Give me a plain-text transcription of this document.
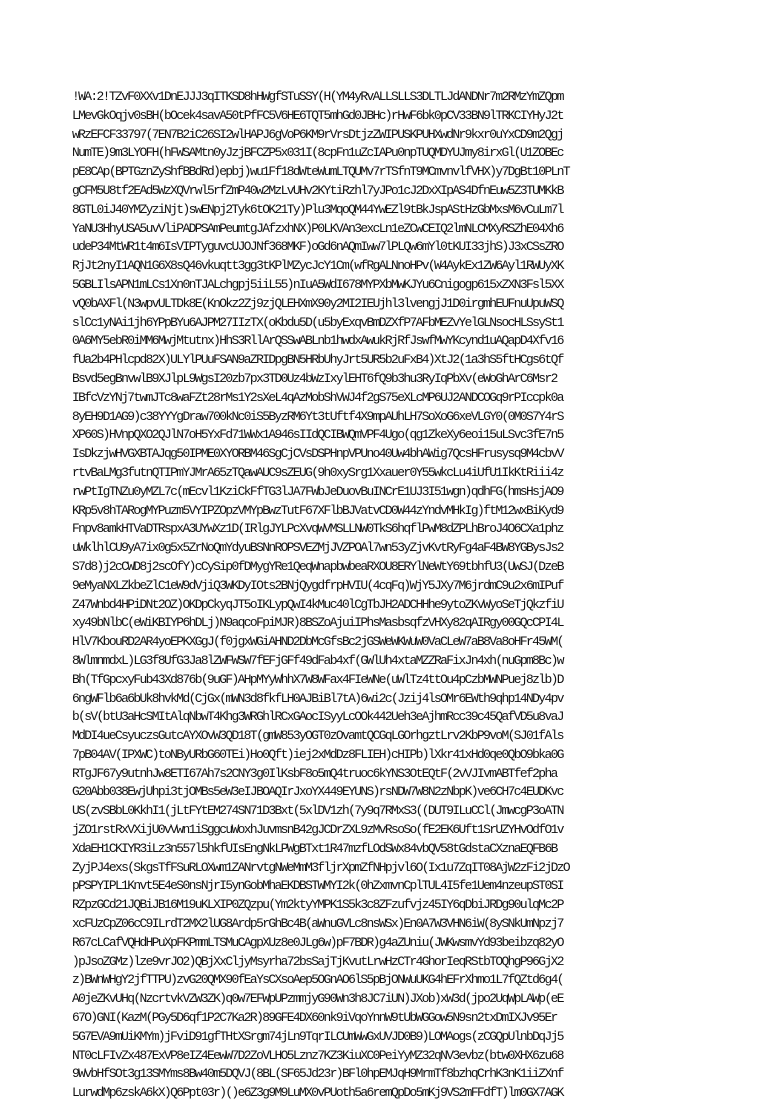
!WA:2!TZvF0XXv1DnEJJJ3qITKSD8hHWgfSTuSSY(H(YM4yRvALLSLLS3DLTLJdANDNr7m2RMzYmZQpm
LMevGkOqjv0sBH(bOcek4savA50tPfFC5V6HE6TQT5mhGd0JBHc)rHwF6bk0pCV33BN9lTRKCIYHyJ2t
wRzEFCF33797(7EN7B2iC26SI2wlHAPJ6gVoP6KM9rVrsDtjzZWIPUSKPUHXwdNr9kxr0uYxCD9m2Qgj
NumTE)9m3LYOFH(hFWSAMtn0yJzjBFCZP5x031I(8cpFn1uZcIAPu0npTUQMDYUJmy8irxGl(U1ZOBEc
pE8CAp(BPTGznZyShfBBdRd)epbj)wu1Ff18dWteWumLTQUMv7rTSfnT9MCmvnvlfVHX)y7DgBt10PLnT
gCFM5U8tf2EAd5WzXQVrwl5rfZmP40w2MzLvUHv2KYtiRzhl7yJPo1cJ2DxXIpAS4DfnEuw5Z3TUMKkB
8GTL0iJ40YMZyziNjt)swENpj2Tyk6tOK21Ty)Plu3MqoQM44YwEZl9tBkJspAStHzGbMxsM6vCuLm7l
YaNU3HhyUSA5uvVliPADPSAmPeumtgJAfzxhNX)P0LKVAn3excLn1eZCwCEIQ2lmNLCMXyRSZhE04Xh6
udeP34MtWR1t4m6IsVIPTyguvcUJOJNf368MKF)oGd6nAQmIww7lPLQw6mYl0tKUI33jhS)J3xCSsZRO
RjJt2nyI1AQN1G6X8sQ46vkuqtt3gg3tKPlMZycJcY1Cm(wfRgALNnoHPv(W4AykEx1ZW6Ayl1RWUyXK
5GBLIlsAPN1mLCs1Xn0nTJALchgpj5iiL55)nIuA5WdI678MYPXbMwKJYu6Cnigogp615xZXN3Fsl5XX
vQ0bAXFl(N3wpvULTDk8E(KnOkz2Zj9zjQLEHXmX90y2MI2IEUjhl3lvengjJ1D0irgmhEUFnuUpuWSQ
slCc1yNAi1jh6YPpBYu6AJPM27IIzTX(oKbdu5D(u5byExqvBmDZXfP7AFbMEZvYelGLNsocHLSsySt1
0A6MY5ebR0iMM6MwjMtutnx)HhS3RllArQSSwABLnb1hwdxAwukRjRfJswfMwYKcynd1uAQapD4Xfv16
fUa2b4PHlcpd82X)ULYlPUuFSAN9aZRIDpgBN5HRbUhyJrt5UR5b2uFxB4)XtJ2(1a3hS5ftHCgs6tQf
Bsvd5egBnvwlB9XJlpL9WgsI20zb7px3TD0Uz4bWzIxylEHT6fQ9b3hu3RyIqPbXv(eWoGhArC6Msr2
IBfcVzYNj7twmJTc8waFZt28rMs1Y2sXeL4qAzMobShVWJ4f2gS75eXLcMP6UJ2ANDCOGq9rPIccpk0a
8yEH9D1AG9)c38YYYgDraw700kNc0iS5ByzRM6Yt3tUftf4X9mpAUhLH7SoXoG6xeVLGY0(0M0S7Y4rS
XP60S)HVnpQXO2QJlN7oH5YxFd71WWx1A946sIIdQCIBWQmVPF4Ugo(qg1ZkeXy6eoi15uLSvc3fE7n5
IsDkzjwHVGXBTAJqg50IPME0XYORBM46SgCjCVsDSPHnpVPUno40Uw4bhAWig7QcsHFrusysq9M4cbvV
rtvBaLMg3futnQTIPmYJMrA65zTQawAUC9sZEUG(9h0xySrg1Xxauer0Y55wkcLu4iUfU1IkKtRiii4z
rwPtIgTNZu0yMZL7c(mEcvl1KziCkFfTG3lJA7FWbJeDuovBuINCrE1UJ3I51wgn)qdhFG(hmsHsjAO9
KRp5v8hTARogMYPuzm5VYIPZOpzVMYpBwzTutF67XFlbBJVatvCD0W44zYndvMHkIg)ftM12wxBiKyd9
Fnpv8amkHTVaDTRspxA3UYwXz1D(IRlgJYLPcXvqWVMSLLNW0TkS6hqflPwM8dZPLhBroJ4O6CXa1phz
uWklhlCU9yA7ix0g5x5ZrNoQmYdyuBSNnROPSVEZMjJVZPOAl7wn53yZjvKvtRyFg4aF4BW8YGBysJs2
S7d8)j2cCWD8j2scOfY)cCySip0fDMygYRe1QeqWnapbwbeaRXOU8ERYlNeWtY69tbhfU3(UwSJ(DzeB
9eMyaNXLZkbeZlC1eW9dVjiQ3WKDyIOts2BNjQygdfrpHVIU(4cqFq)WjY5JXy7M6jrdmC9u2x6mIPuf
Z47Wnbd4HPiDNt2OZ)OKDpCkyqJT5oIKLypQwI4kMuc40lCgTbJH2ADCHHhe9ytoZKvWyoSeTjQkzfiU
xy49bNlbC(eWiKBIYP6hDLj)N9aqcoFpiMJR)8BSZoAjuiIPhsMasbsqfzVHXy82qAIRgy00GQcCPI4L
HlV7KbouRD2AR4yoEPKXGgJ(f0jgxWGiAHND2DbMcGfsBc2jGSWeWKWuW0VaCLeW7aB8Va8oHFr45WM(
8WlmnmdxL)LG3f8UfG3Ja8lZWFWSW7fEFjGFf49dFab4xf(GWlUh4xtaMZZRaFixJn4xh(nuGpm8Bc)w
Bh(TfGpcxyFub43Xd876b(9uGF)AHpMYyWhhX7W8WFax4FIeWNe(uWlTz4ttOu4pCzbMWNPuej8zlb)D
6ngWFlb6a6bUk8hvkMd(CjGx(mWN3d8fkfLH0AJBiBl7tA)6wi2c(Jzij4lsOMr6EWth9qhp14NDy4pv
b(sV(btU3aHcSMItAlqNbwT4Khg3WRGhlRCxGAocISyyLcOOk442Ueh3eAjhmRcc39c45QafVD5u8vaJ
MdDI4ueCsyuczsGutcAYXOvW3QD18T(gmW853yOGT0zOvamtQCGqLGOrhgztLrv2KbP9voM(SJ01fAls
7pB04AV(IPXWC)toNByURbG60TEi)Ho0Qft)iej2xMdDz8FLIEH)cHIPb)lXkr41xHd0qe0QbO9bka0G
RTgJF67y9utnhJw8ETI67Ah7s2CNY3g0IlKsbF8o5mQ4truoc6kYNS3OtEQtF(2vVJIvmABTfef2pha
G20Abb038EwjUhpi3tjOMBs5eW3eIJBOAQIrJxoYX449EYUNS)rsNDW7W8N2zNbpK)ve6CH7c4EUDKvc
US(zvSBbL0KkhI1(jLtFYtEM274SN71D3Bxt(5xlDV1zh(7y9q7RMxS3((DUT9ILuCCl(JmwcgP3oATN
jZO1rstRxVXijU0vVwn1iSggcuWoxhJuvmsnB42gJCDrZXL9zMvRsoSo(fE2EK6Uft1SrUZYHvOdfO1v
XdaEH1CKIYR3iLz3n557l5hkfUIsEngNkLPWgBTxt1R47mzfLOdSWx84vbQV58tGdstaCXznaEQFB6B
ZyjPJ4exs(SkgsTfFSuRLOXwm1ZANrvtgNWeMmM3fljrXpmZfNHpjvl6O(Ix1u7ZqIT08AjW2zFi2jDzO
pPSPYIPL1Knvt5E4eS0nsNjrI5ynGobMhaEKDBSTWMYI2k(0hZxmvnCplTUL4I5fe1Uem4nzeupST0SI
RZpzGCd21JQBiJB16M19uKLXIP0ZQzpu(Ym2ktyYMPK1S5k3c8ZFzufvjz45IY6qDbiJRDg90ulqMc2P
xcFUzCpZ06cC9ILrdT2MX2lUG8Ardp5rGhBc4B(aWnuGVLc8nsWSx)En0A7W3VHN6iW(8ySNkUmNpzj7
R67cLCafVQHdHPuXpFKPmmLTSMuCAgpXUz8e0JLg6w)pF7BDR)g4aZUniu(JWKwsmvYd93beibzq82yO
)pJsoZGMz)lze9vrJO2)QBjXxCljyMsyrha72bsSajTjKvutLrwHzCTr4GhorIeqRStbTOQhgP96GjX2
z)BWnWHgY2jfTTPU)zvG20QMX90fEaYsCXsoAep5OGnAO6lS5pBjONWuUKG4hEFrXhmo1L7fQZtd6g4(
A0jeZKvUHq(NzcrtvkVZW3ZK)q0w7EFWpUPzmmjyG90Wn3h8JC7iUN)JXob)xW3d(jpo2UqWpLAWp(eE
67O)GNI(KazM(PGy5D6qf1P2C7Ka2R)89GFE4DX60nk9iVqoYnnW9tUbWGGow5N9sn2txDmIXJv95Er
5G7EVA9mUiKMYm)jFviD91gfTHtXSrgm74jLn9TqrILCUmWwGxUVJD0B9)LOMAogs(zCGQpUlnbDqJj5
NT0cLFIvZx487ExVP8eIZ4EewW7D2ZoVLHO5Lznz7KZ3KiuXC0PeiYyMZ32qNV3evbz(btw0XHX6zu68
9WvbHfSOt3g13SMYms8Bw40m5DQVJ(8BL(SF65Jd23r)BFl0hpEMJqH9MrmTf8bzhqCrhK3nK1iiZXnf
LurwdMp6zskA6kX)Q6Ppt03r)()e6Z3g9M9LuMX0vPUoth5a6remQpDo5mKj9VS2mFFdfT)lm0GX7AGK
